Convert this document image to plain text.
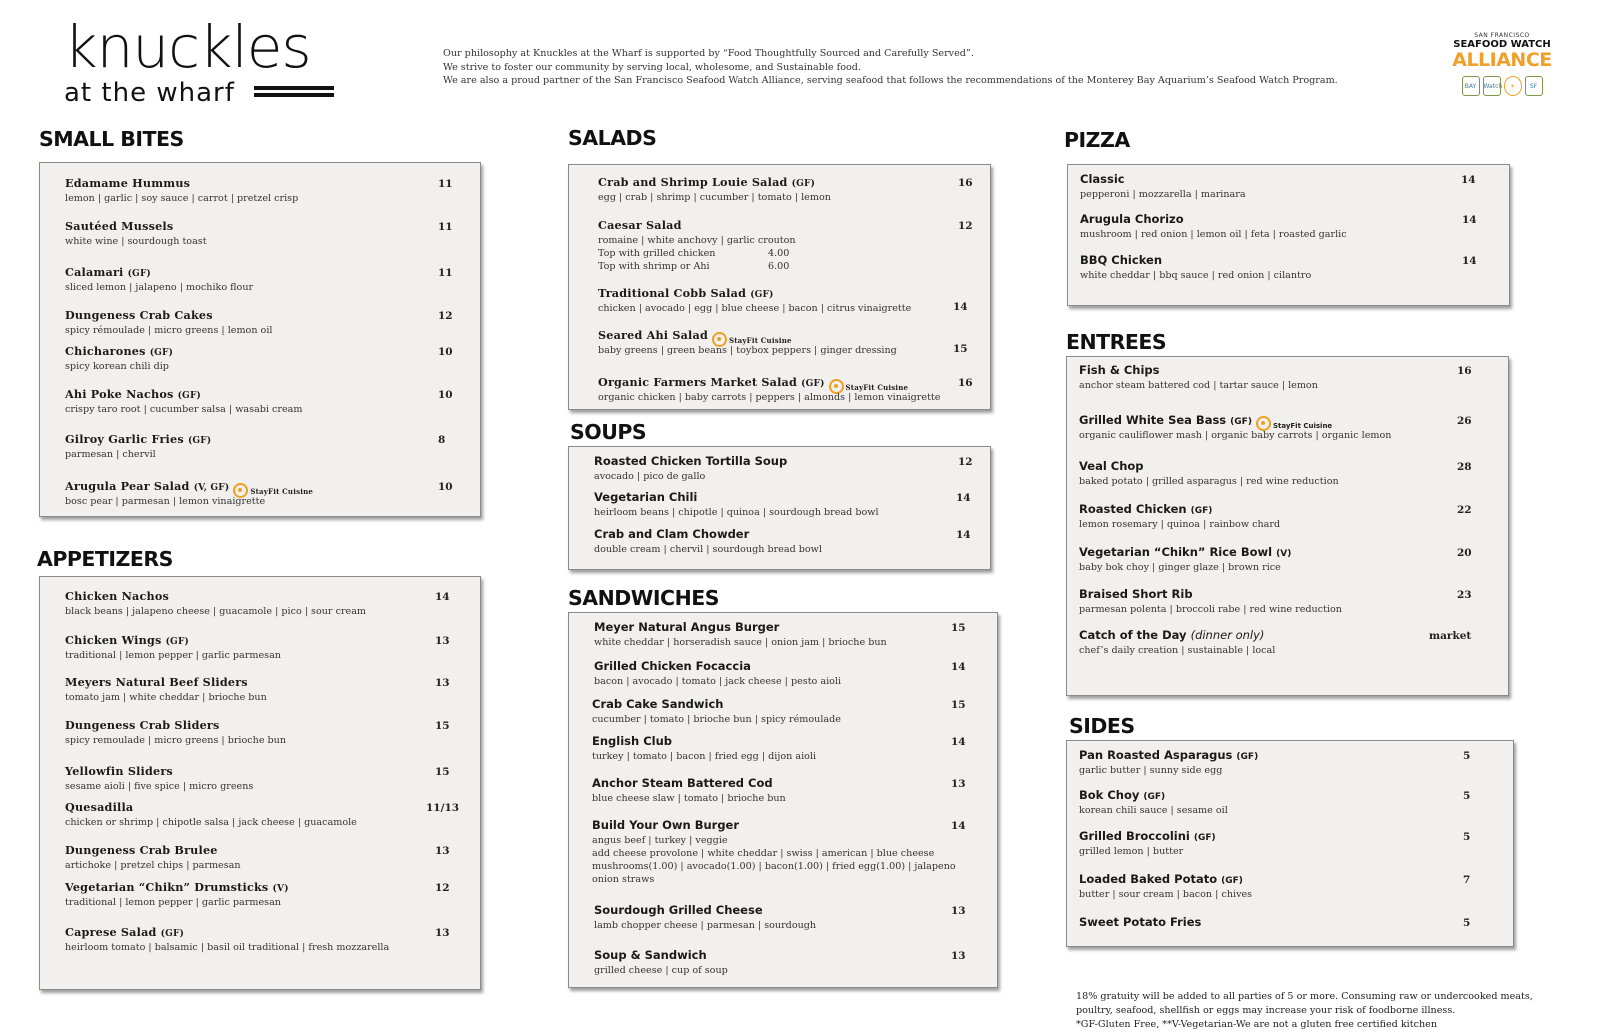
knuckles
at the wharf
Our philosophy at Knuckles at the Wharf is supported by “Food Thoughtfully Sourced and Carefully Served”.
We strive to foster our community by serving local, wholesome, and Sustainable food.
We are also a proud partner of the San Francisco Seafood Watch Alliance, serving seafood that follows the recommendations of the Monterey Bay Aquarium’s Seafood Watch Program.
SAN FRANCISCO
SEAFOOD WATCH
ALLIANCE
BAY	Watch	☀	SF
SMALL BITES
Edamame Hummus
lemon | garlic | soy sauce | carrot | pretzel crisp
11
Sautéed Mussels
white wine | sourdough toast
11
Calamari (GF)
sliced lemon | jalapeno | mochiko flour
11
Dungeness Crab Cakes
spicy rémoulade | micro greens | lemon oil
12
Chicharones (GF)
spicy korean chili dip
10
Ahi Poke Nachos (GF)
crispy taro root | cucumber salsa | wasabi cream
10
Gilroy Garlic Fries (GF)
parmesan | chervil
8
Arugula Pear Salad (V, GF)	StayFit Cuisine
bosc pear | parmesan | lemon vinaigrette
10
APPETIZERS
Chicken Nachos
black beans | jalapeno cheese | guacamole | pico | sour cream
14
Chicken Wings (GF)
traditional | lemon pepper | garlic parmesan
13
Meyers Natural Beef Sliders
tomato jam | white cheddar | brioche bun
13
Dungeness Crab Sliders
spicy remoulade | micro greens | brioche bun
15
Yellowfin Sliders
sesame aioli | five spice | micro greens
15
Quesadilla
chicken or shrimp | chipotle salsa | jack cheese | guacamole
11/13
Dungeness Crab Brulee
artichoke | pretzel chips | parmesan
13
Vegetarian “Chikn” Drumsticks (V)
traditional | lemon pepper | garlic parmesan
12
Caprese Salad (GF)
heirloom tomato | balsamic | basil oil traditional | fresh mozzarella
13
SALADS
Crab and Shrimp Louie Salad (GF)
egg | crab | shrimp | cucumber | tomato | lemon
16
Caesar Salad
romaine | white anchovy | garlic crouton
12
Top with grilled chicken	4.00
Top with shrimp or Ahi	6.00
Traditional Cobb Salad (GF)
chicken | avocado | egg | blue cheese | bacon | citrus vinaigrette	14
Seared Ahi Salad	StayFit Cuisine
baby greens | green beans | toybox peppers | ginger dressing	15
Organic Farmers Market Salad (GF)	StayFit Cuisine
organic chicken | baby carrots | peppers | almonds | lemon vinaigrette
16
SOUPS
Roasted Chicken Tortilla Soup
avocado | pico de gallo
12
Vegetarian Chili
heirloom beans | chipotle | quinoa | sourdough bread bowl
14
Crab and Clam Chowder
double cream | chervil | sourdough bread bowl
14
SANDWICHES
Meyer Natural Angus Burger
white cheddar | horseradish sauce | onion jam | brioche bun
15
Grilled Chicken Focaccia
bacon | avocado | tomato | jack cheese | pesto aioli
14
Crab Cake Sandwich
cucumber | tomato | brioche bun | spicy rémoulade
15
English Club
turkey | tomato | bacon | fried egg | dijon aioli
14
Anchor Steam Battered Cod
blue cheese slaw | tomato | brioche bun
13
Build Your Own Burger
angus beef | turkey | veggie
add cheese provolone | white cheddar | swiss | american | blue cheese
mushrooms(1.00) | avocado(1.00) | bacon(1.00) | fried egg(1.00) | jalapeno
onion straws
14
Sourdough Grilled Cheese
lamb chopper cheese | parmesan | sourdough
13
Soup & Sandwich
grilled cheese | cup of soup
13
PIZZA
Classic
pepperoni | mozzarella | marinara
14
Arugula Chorizo
mushroom | red onion | lemon oil | feta | roasted garlic
14
BBQ Chicken
white cheddar | bbq sauce | red onion | cilantro
14
ENTREES
Fish & Chips
anchor steam battered cod | tartar sauce | lemon
16
Grilled White Sea Bass (GF)	StayFit Cuisine
organic cauliflower mash | organic baby carrots | organic lemon
26
Veal Chop
baked potato | grilled asparagus | red wine reduction
28
Roasted Chicken (GF)
lemon rosemary | quinoa | rainbow chard
22
Vegetarian “Chikn” Rice Bowl (V)
baby bok choy | ginger glaze | brown rice
20
Braised Short Rib
parmesan polenta | broccoli rabe | red wine reduction
23
Catch of the Day (dinner only)
chef’s daily creation | sustainable | local
market
SIDES
Pan Roasted Asparagus (GF)
garlic butter | sunny side egg
5
Bok Choy (GF)
korean chili sauce | sesame oil
5
Grilled Broccolini (GF)
grilled lemon | butter
5
Loaded Baked Potato (GF)
butter | sour cream | bacon | chives
7
Sweet Potato Fries	5
18% gratuity will be added to all parties of 5 or more. Consuming raw or undercooked meats,
poultry, seafood, shellfish or eggs may increase your risk of foodborne illness.
*GF-Gluten Free, **V-Vegetarian-We are not a gluten free certified kitchen
